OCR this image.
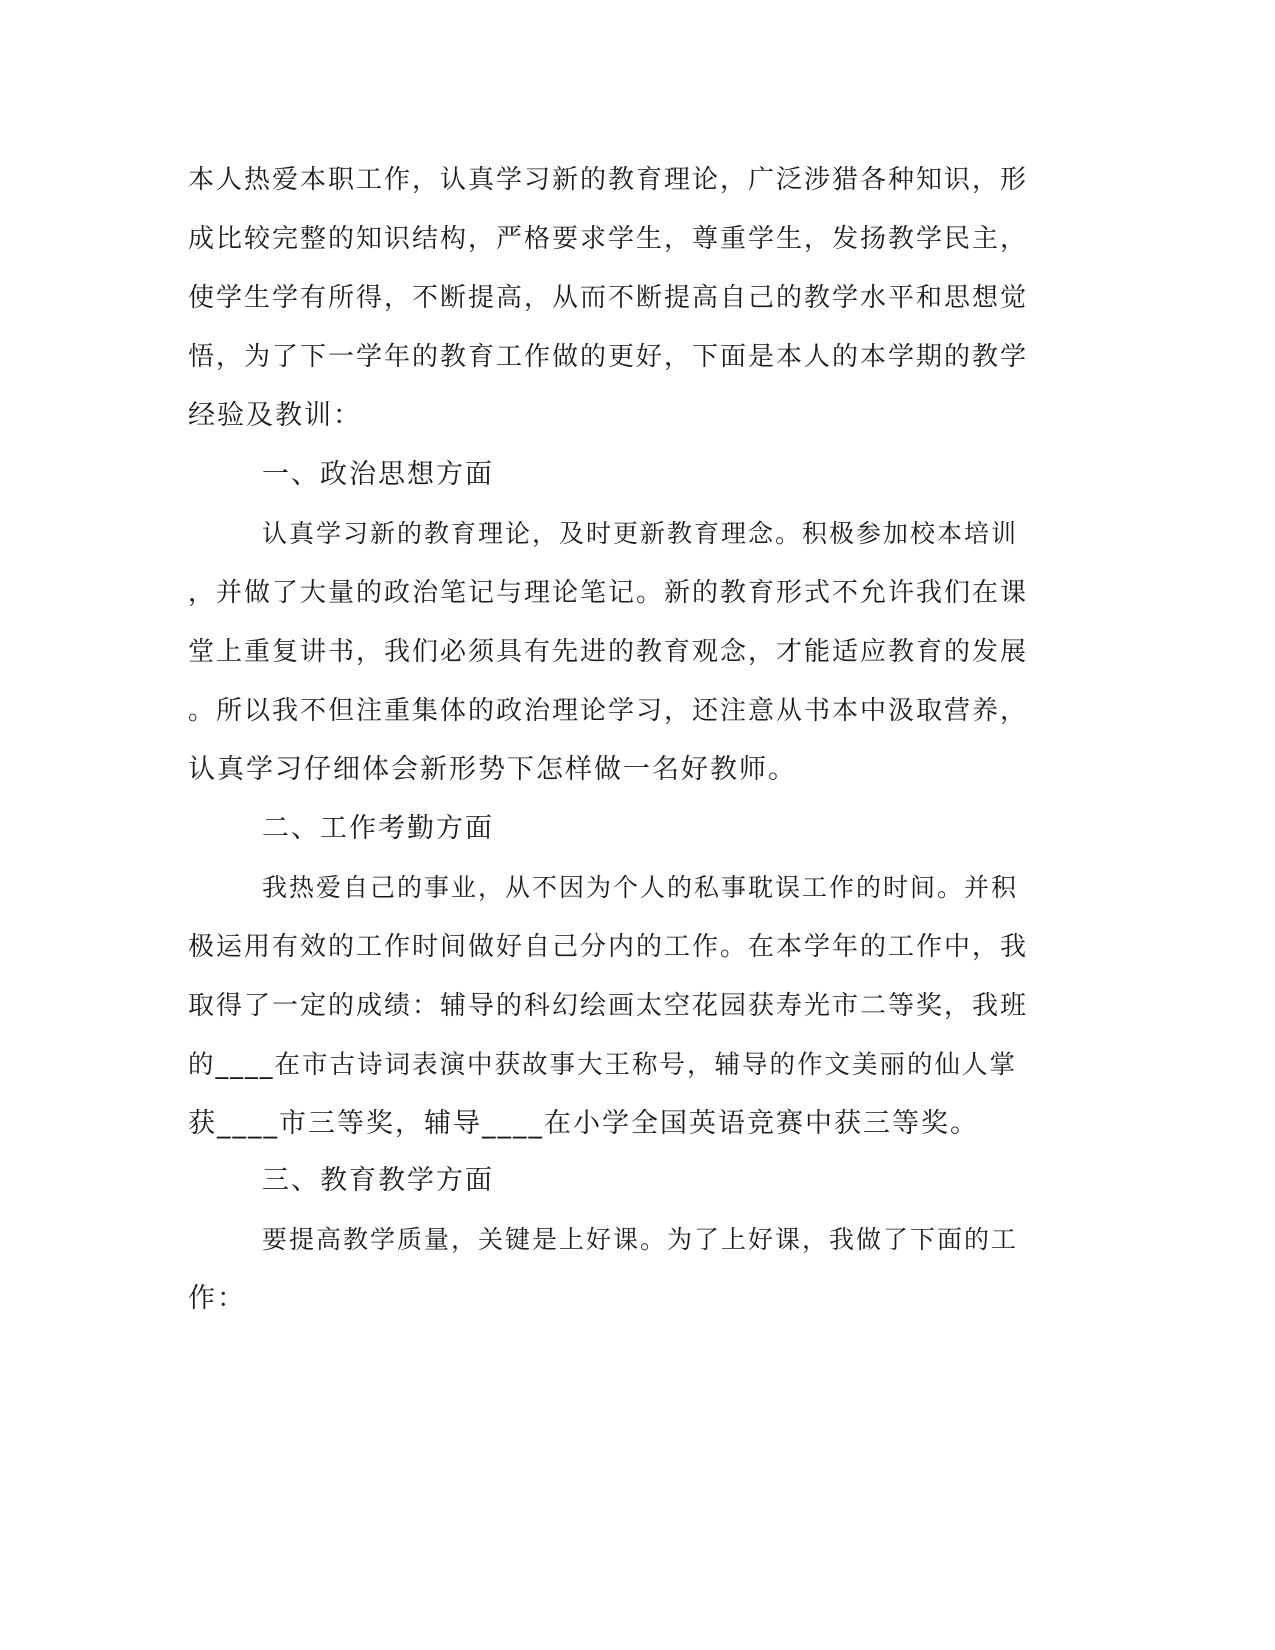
本人热爱本职工作，认真学习新的教育理论，广泛涉猎各种知识，形

成比较完整的知识结构，严格要求学生，尊重学生，发扬教学民主，

使学生学有所得，不断提高，从而不断提高自己的教学水平和思想觉

悟，为了下一学年的教育工作做的更好，下面是本人的本学期的教学

经验及教训：

一、政治思想方面

认真学习新的教育理论，及时更新教育理念。积极参加校本培训

，并做了大量的政治笔记与理论笔记。新的教育形式不允许我们在课

堂上重复讲书，我们必须具有先进的教育观念，才能适应教育的发展

。所以我不但注重集体的政治理论学习，还注意从书本中汲取营养，

认真学习仔细体会新形势下怎样做一名好教师。

二、工作考勤方面

我热爱自己的事业，从不因为个人的私事耽误工作的时间。并积

极运用有效的工作时间做好自己分内的工作。在本学年的工作中，我

取得了一定的成绩：辅导的科幻绘画太空花园获寿光市二等奖，我班

的____在市古诗词表演中获故事大王称号，辅导的作文美丽的仙人掌

获____市三等奖，辅导____在小学全国英语竞赛中获三等奖。

三、教育教学方面

要提高教学质量，关键是上好课。为了上好课，我做了下面的工

作：
